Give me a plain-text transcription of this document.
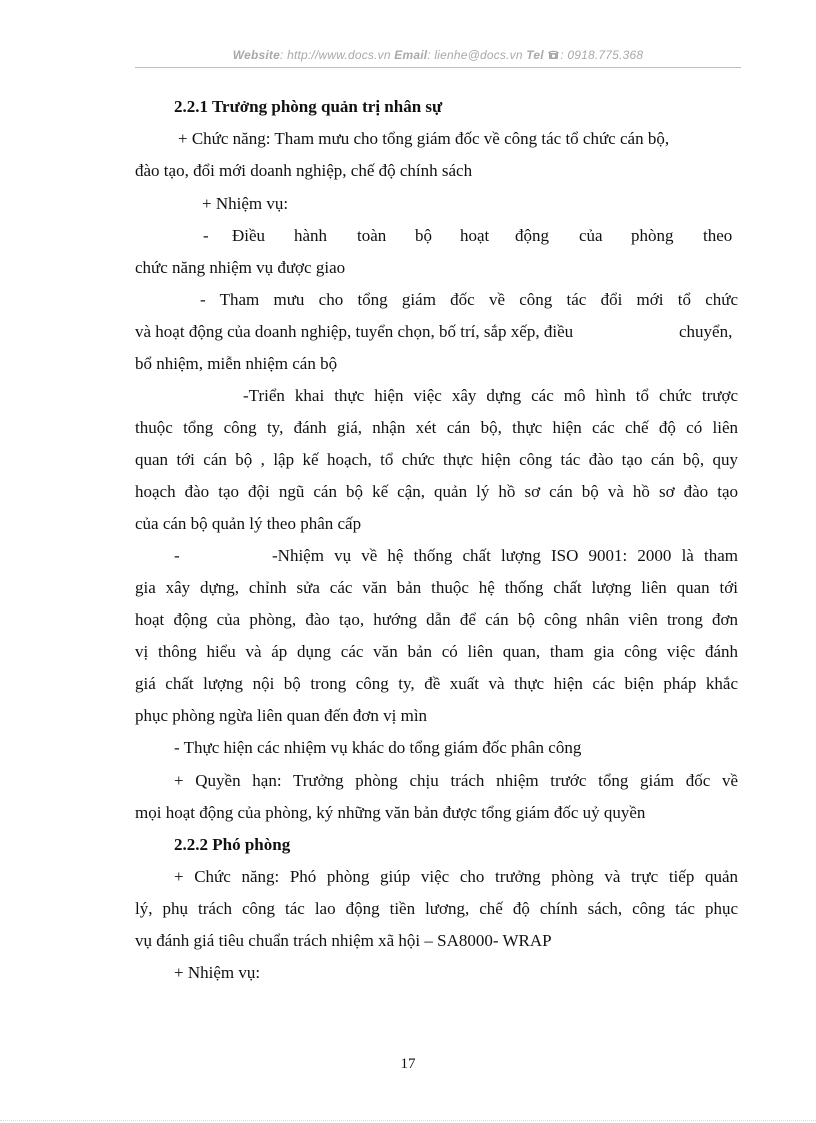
Website: http://www.docs.vn Email: lienhe@docs.vn Tel : 0918.775.368
2.2.1 Trưởng phòng quản trị nhân sự
+ Chức năng: Tham mưu cho tổng giám đốc về công tác tổ chức cán bộ,
đào tạo, đổi mới doanh nghiệp, chế độ chính sách
+ Nhiệm vụ:
- Điều hành toàn bộ hoạt động của phòng theo
chức năng nhiệm vụ được giao
- Tham mưu cho tổng giám đốc về công tác đổi mới tổ chức
và hoạt động của doanh nghiệp, tuyển chọn, bố trí, sắp xếp, điều	chuyển,
bổ nhiệm, miễn nhiệm cán bộ
-Triển khai thực hiện việc xây dựng các mô hình tổ chức trược
thuộc tổng công ty, đánh giá, nhận xét cán bộ, thực hiện các chế độ có liên
quan tới cán bộ , lập kế hoạch, tổ chức thực hiện công tác đào tạo cán bộ, quy
hoạch đào tạo đội ngũ cán bộ kế cận, quản lý hồ sơ cán bộ và hồ sơ đào tạo
của cán bộ quản lý theo phân cấp
-	-Nhiệm vụ về hệ thống chất lượng ISO 9001: 2000 là tham
gia xây dựng, chỉnh sửa các văn bản thuộc hệ thống chất lượng liên quan tới
hoạt động của phòng, đào tạo, hướng dẫn để cán bộ công nhân viên trong đơn
vị thông hiểu và áp dụng các văn bản có liên quan, tham gia công việc đánh
giá chất lượng nội bộ trong công ty, đề xuất và thực hiện các biện pháp khắc
phục phòng ngừa liên quan đến đơn vị mìn
- Thực hiện các nhiệm vụ khác do tổng giám đốc phân công
+ Quyền hạn: Trưởng phòng chịu trách nhiệm trước tổng giám đốc về
mọi hoạt động của phòng, ký những văn bản được tổng giám đốc uỷ quyền
2.2.2 Phó phòng
+ Chức năng: Phó phòng giúp việc cho trưởng phòng và trực tiếp quản
lý, phụ trách công tác lao động tiền lương, chế độ chính sách, công tác phục
vụ đánh giá tiêu chuẩn trách nhiệm xã hội – SA8000- WRAP
+ Nhiệm vụ:
17
